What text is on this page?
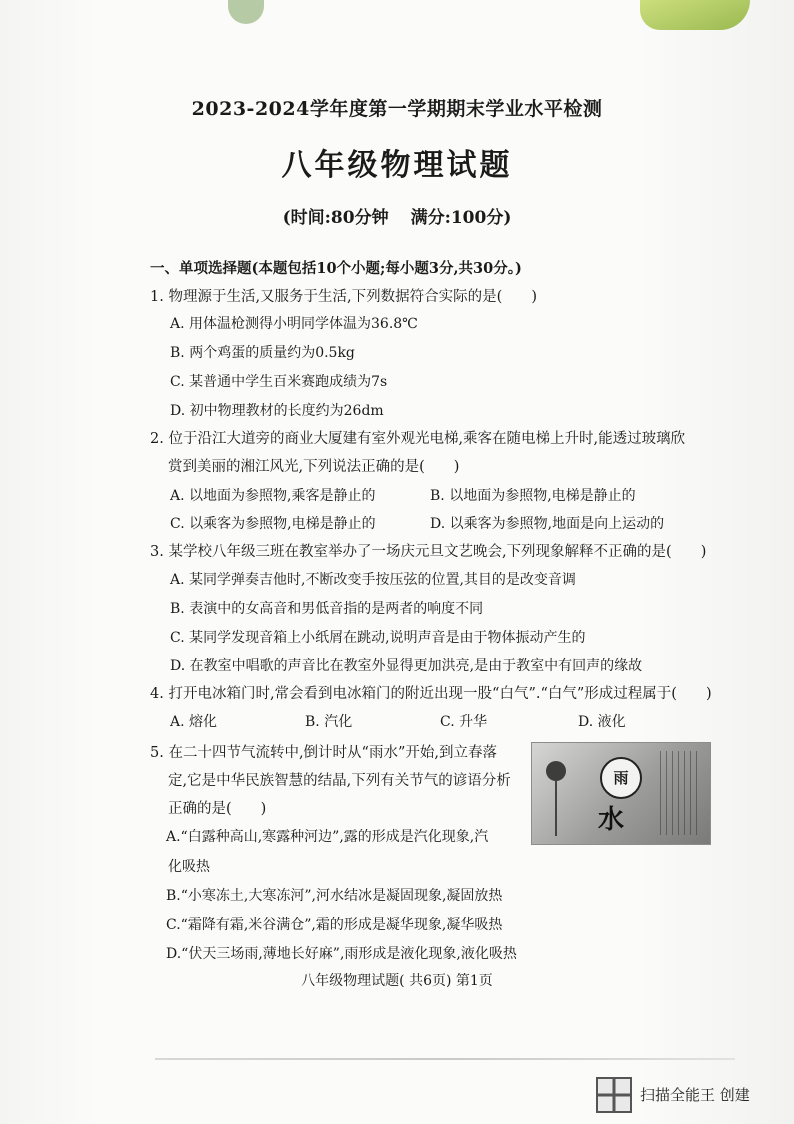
2023-2024学年度第一学期期末学业水平检测
八年级物理试题
(时间:80分钟 满分:100分)
一、单项选择题(本题包括10个小题;每小题3分,共30分。)
1. 物理源于生活,又服务于生活,下列数据符合实际的是(　　)
A. 用体温枪测得小明同学体温为36.8℃
B. 两个鸡蛋的质量约为0.5kg
C. 某普通中学生百米赛跑成绩为7s
D. 初中物理教材的长度约为26dm
2. 位于沿江大道旁的商业大厦建有室外观光电梯,乘客在随电梯上升时,能透过玻璃欣
赏到美丽的湘江风光,下列说法正确的是(　　)
A. 以地面为参照物,乘客是静止的	B. 以地面为参照物,电梯是静止的
C. 以乘客为参照物,电梯是静止的	D. 以乘客为参照物,地面是向上运动的
3. 某学校八年级三班在教室举办了一场庆元旦文艺晚会,下列现象解释不正确的是(　　)
A. 某同学弹奏吉他时,不断改变手按压弦的位置,其目的是改变音调
B. 表演中的女高音和男低音指的是两者的响度不同
C. 某同学发现音箱上小纸屑在跳动,说明声音是由于物体振动产生的
D. 在教室中唱歌的声音比在教室外显得更加洪亮,是由于教室中有回声的缘故
4. 打开电冰箱门时,常会看到电冰箱门的附近出现一股“白气”.“白气”形成过程属于(　　)
A. 熔化	B. 汽化	C. 升华	D. 液化
5. 在二十四节气流转中,倒计时从“雨水”开始,到立春落
定,它是中华民族智慧的结晶,下列有关节气的谚语分析
正确的是(　　)
A.“白露种高山,寒露种河边”,露的形成是汽化现象,汽
化吸热
B.“小寒冻土,大寒冻河”,河水结冰是凝固现象,凝固放热
C.“霜降有霜,米谷满仓”,霜的形成是凝华现象,凝华吸热
D.“伏天三场雨,薄地长好麻”,雨形成是液化现象,液化吸热
雨
水
八年级物理试题( 共6页) 第1页
扫描全能王 创建
